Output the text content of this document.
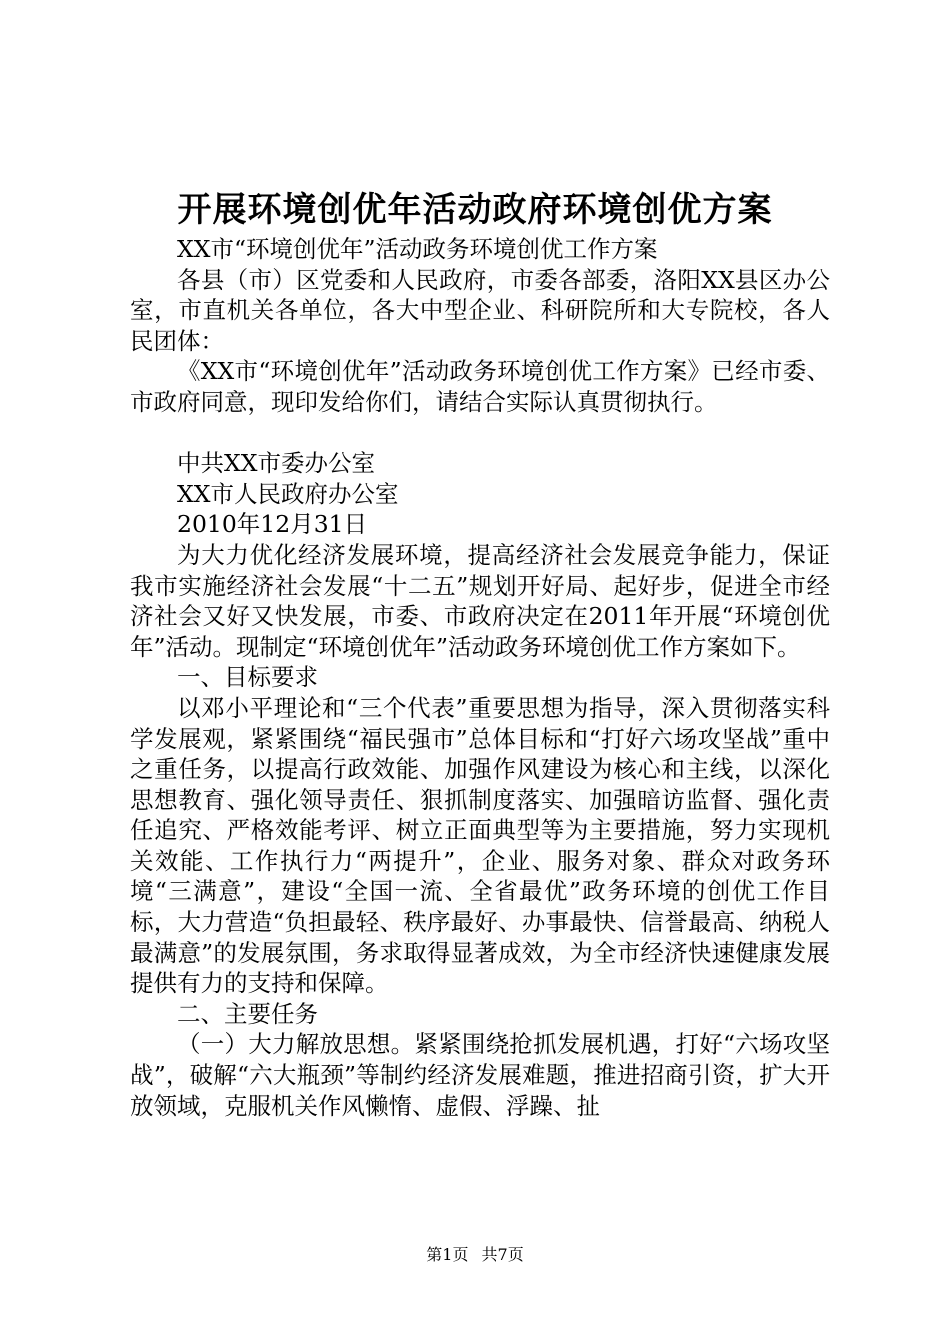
开展环境创优年活动政府环境创优方案

XX市“环境创优年”活动政务环境创优工作方案

各县（市）区党委和人民政府，市委各部委，洛阳XX县区办公室，市直机关各单位，各大中型企业、科研院所和大专院校，各人民团体：

《XX市“环境创优年”活动政务环境创优工作方案》已经市委、市政府同意，现印发给你们，请结合实际认真贯彻执行。

中共XX市委办公室

XX市人民政府办公室

2010年12月31日

为大力优化经济发展环境，提高经济社会发展竞争能力，保证我市实施经济社会发展“十二五”规划开好局、起好步，促进全市经济社会又好又快发展，市委、市政府决定在2011年开展“环境创优年”活动。现制定“环境创优年”活动政务环境创优工作方案如下。

一、目标要求

以邓小平理论和“三个代表”重要思想为指导，深入贯彻落实科学发展观，紧紧围绕“福民强市”总体目标和“打好六场攻坚战”重中之重任务，以提高行政效能、加强作风建设为核心和主线，以深化思想教育、强化领导责任、狠抓制度落实、加强暗访监督、强化责任追究、严格效能考评、树立正面典型等为主要措施，努力实现机关效能、工作执行力“两提升”，企业、服务对象、群众对政务环境“三满意”，建设“全国一流、全省最优”政务环境的创优工作目标，大力营造“负担最轻、秩序最好、办事最快、信誉最高、纳税人最满意”的发展氛围，务求取得显著成效，为全市经济快速健康发展提供有力的支持和保障。

二、主要任务

（一）大力解放思想。紧紧围绕抢抓发展机遇，打好“六场攻坚战”，破解“六大瓶颈”等制约经济发展难题，推进招商引资，扩大开放领域，克服机关作风懒惰、虚假、浮躁、扯

第1页 共7页
